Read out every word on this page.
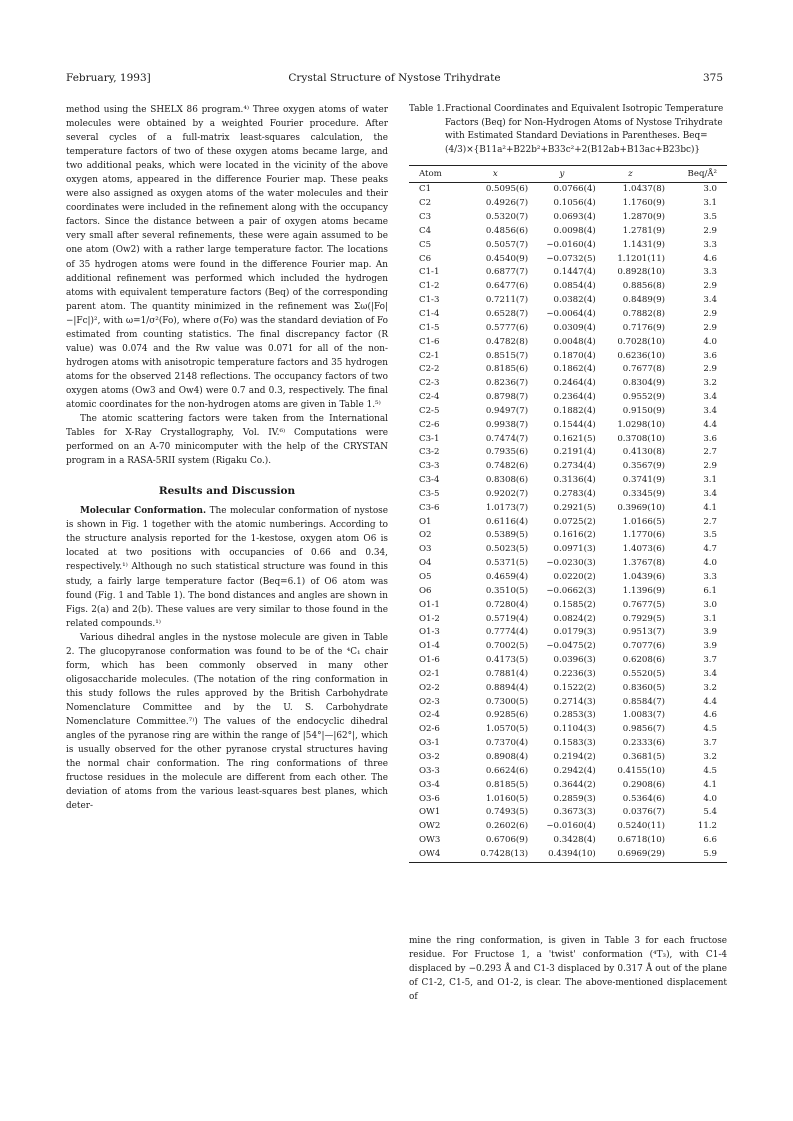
February, 1993]	Crystal Structure of Nystose Trihydrate	375

method using the SHELX 86 program.⁴⁾ Three oxygen atoms of water molecules were obtained by a weighted Fourier procedure. After several cycles of a full-matrix least-squares calculation, the temperature factors of two of these oxygen atoms became large, and two additional peaks, which were located in the vicinity of the above oxygen atoms, appeared in the difference Fourier map. These peaks were also assigned as oxygen atoms of the water molecules and their coordinates were included in the refinement along with the occupancy factors. Since the distance between a pair of oxygen atoms became very small after several refinements, these were again assumed to be one atom (Ow2) with a rather large temperature factor. The locations of 35 hydrogen atoms were found in the difference Fourier map. An additional refinement was performed which included the hydrogen atoms with equivalent temperature factors (Beq) of the corresponding parent atom. The quantity minimized in the refinement was Σω(|Fo|−|Fc|)², with ω=1/σ²(Fo), where σ(Fo) was the standard deviation of Fo estimated from counting statistics. The final discrepancy factor (R value) was 0.074 and the Rw value was 0.071 for all of the non-hydrogen atoms with anisotropic temperature factors and 35 hydrogen atoms for the observed 2148 reflections. The occupancy factors of two oxygen atoms (Ow3 and Ow4) were 0.7 and 0.3, respectively. The final atomic coordinates for the non-hydrogen atoms are given in Table 1.⁵⁾

The atomic scattering factors were taken from the International Tables for X-Ray Crystallography, Vol. IV.⁶⁾ Computations were performed on an A-70 minicomputer with the help of the CRYSTAN program in a RASA-5RII system (Rigaku Co.).

Results and Discussion

Molecular Conformation. The molecular conformation of nystose is shown in Fig. 1 together with the atomic numberings. According to the structure analysis reported for the 1-kestose, oxygen atom O6 is located at two positions with occupancies of 0.66 and 0.34, respectively.¹⁾ Although no such statistical structure was found in this study, a fairly large temperature factor (Beq=6.1) of O6 atom was found (Fig. 1 and Table 1). The bond distances and angles are shown in Figs. 2(a) and 2(b). These values are very similar to those found in the related compounds.¹⁾

Various dihedral angles in the nystose molecule are given in Table 2. The glucopyranose conformation was found to be of the ⁴C₁ chair form, which has been commonly observed in many other oligosaccharide molecules. (The notation of the ring conformation in this study follows the rules approved by the British Carbohydrate Nomenclature Committee and by the U. S. Carbohydrate Nomenclature Committee.⁷⁾) The values of the endocyclic dihedral angles of the pyranose ring are within the range of |54°|—|62°|, which is usually observed for the other pyranose crystal structures having the normal chair conformation. The ring conformations of three fructose residues in the molecule are different from each other. The deviation of atoms from the various least-squares best planes, which deter-

Table 1.Fractional Coordinates and Equivalent Isotropic Temperature Factors (Beq) for Non-Hydrogen Atoms of Nystose Trihydrate with Estimated Standard Deviations in Parentheses. Beq=(4/3)×{B11a²+B22b²+B33c²+2(B12ab+B13ac+B23bc)}
Atom	x	y	z	Beq/Å²
C1	0.5095(6)	0.0766(4)	1.0437(8)	3.0
C2	0.4926(7)	0.1056(4)	1.1760(9)	3.1
C3	0.5320(7)	0.0693(4)	1.2870(9)	3.5
C4	0.4856(6)	0.0098(4)	1.2781(9)	2.9
C5	0.5057(7)	−0.0160(4)	1.1431(9)	3.3
C6	0.4540(9)	−0.0732(5)	1.1201(11)	4.6
C1-1	0.6877(7)	0.1447(4)	0.8928(10)	3.3
C1-2	0.6477(6)	0.0854(4)	0.8856(8)	2.9
C1-3	0.7211(7)	0.0382(4)	0.8489(9)	3.4
C1-4	0.6528(7)	−0.0064(4)	0.7882(8)	2.9
C1-5	0.5777(6)	0.0309(4)	0.7176(9)	2.9
C1-6	0.4782(8)	0.0048(4)	0.7028(10)	4.0
C2-1	0.8515(7)	0.1870(4)	0.6236(10)	3.6
C2-2	0.8185(6)	0.1862(4)	0.7677(8)	2.9
C2-3	0.8236(7)	0.2464(4)	0.8304(9)	3.2
C2-4	0.8798(7)	0.2364(4)	0.9552(9)	3.4
C2-5	0.9497(7)	0.1882(4)	0.9150(9)	3.4
C2-6	0.9938(7)	0.1544(4)	1.0298(10)	4.4
C3-1	0.7474(7)	0.1621(5)	0.3708(10)	3.6
C3-2	0.7935(6)	0.2191(4)	0.4130(8)	2.7
C3-3	0.7482(6)	0.2734(4)	0.3567(9)	2.9
C3-4	0.8308(6)	0.3136(4)	0.3741(9)	3.1
C3-5	0.9202(7)	0.2783(4)	0.3345(9)	3.4
C3-6	1.0173(7)	0.2921(5)	0.3969(10)	4.1
O1	0.6116(4)	0.0725(2)	1.0166(5)	2.7
O2	0.5389(5)	0.1616(2)	1.1770(6)	3.5
O3	0.5023(5)	0.0971(3)	1.4073(6)	4.7
O4	0.5371(5)	−0.0230(3)	1.3767(8)	4.0
O5	0.4659(4)	0.0220(2)	1.0439(6)	3.3
O6	0.3510(5)	−0.0662(3)	1.1396(9)	6.1
O1-1	0.7280(4)	0.1585(2)	0.7677(5)	3.0
O1-2	0.5719(4)	0.0824(2)	0.7929(5)	3.1
O1-3	0.7774(4)	0.0179(3)	0.9513(7)	3.9
O1-4	0.7002(5)	−0.0475(2)	0.7077(6)	3.9
O1-6	0.4173(5)	0.0396(3)	0.6208(6)	3.7
O2-1	0.7881(4)	0.2236(3)	0.5520(5)	3.4
O2-2	0.8894(4)	0.1522(2)	0.8360(5)	3.2
O2-3	0.7300(5)	0.2714(3)	0.8584(7)	4.4
O2-4	0.9285(6)	0.2853(3)	1.0083(7)	4.6
O2-6	1.0570(5)	0.1104(3)	0.9856(7)	4.5
O3-1	0.7370(4)	0.1583(3)	0.2333(6)	3.7
O3-2	0.8908(4)	0.2194(2)	0.3681(5)	3.2
O3-3	0.6624(6)	0.2942(4)	0.4155(10)	4.5
O3-4	0.8185(5)	0.3644(2)	0.2908(6)	4.1
O3-6	1.0160(5)	0.2859(3)	0.5364(6)	4.0
OW1	0.7493(5)	0.3673(3)	0.0376(7)	5.4
OW2	0.2602(6)	−0.0160(4)	0.5240(11)	11.2
OW3	0.6706(9)	0.3428(4)	0.6718(10)	6.6
OW4	0.7428(13)	0.4394(10)	0.6969(29)	5.9

mine the ring conformation, is given in Table 3 for each fructose residue. For Fructose 1, a 'twist' conformation (⁴T₃), with C1-4 displaced by −0.293 Å and C1-3 displaced by 0.317 Å out of the plane of C1-2, C1-5, and O1-2, is clear. The above-mentioned displacement of
